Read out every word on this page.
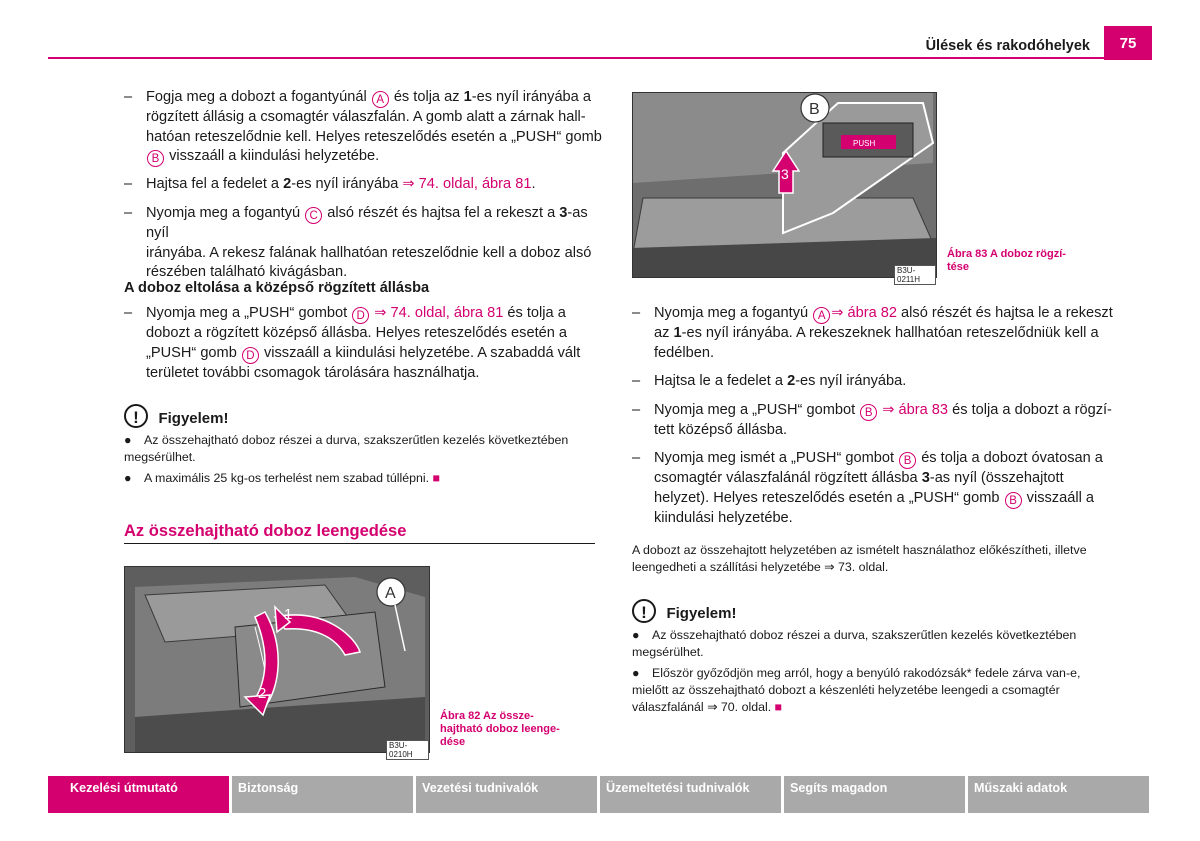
Ülések és rakodóhelyek	75
– Fogja meg a dobozt a fogantyúnál A és tolja az 1-es nyíl irányába a
rögzített állásig a csomagtér válaszfalán. A gomb alatt a zárnak hall-
hatóan reteszelődnie kell. Helyes reteszelődés esetén a „PUSH“ gomb
B visszaáll a kiindulási helyzetébe.
– Hajtsa fel a fedelet a 2-es nyíl irányába ⇒ 74. oldal, ábra 81.
– Nyomja meg a fogantyú C alsó részét és hajtsa fel a rekeszt a 3-as nyíl
irányába. A rekesz falának hallhatóan reteszelődnie kell a doboz alsó
részében található kivágásban.
A doboz eltolása a középső rögzített állásba
– Nyomja meg a „PUSH“ gombot D ⇒ 74. oldal, ábra 81 és tolja a
dobozt a rögzített középső állásba. Helyes reteszelődés esetén a
„PUSH“ gomb D visszaáll a kiindulási helyzetébe. A szabaddá vált
területet további csomagok tárolására használhatja.
! Figyelem!
● Az összehajtható doboz részei a durva, szakszerűtlen kezelés következtében
megsérülhet.
● A maximális 25 kg-os terhelést nem szabad túllépni. ■
Az összehajtható doboz leengedése
1
2
A
B3U-0210H
Ábra 82 Az össze-
hajtható doboz leenge-
dése
PUSH
3
B
B3U-0211H
Ábra 83 A doboz rögzí-
tése
– Nyomja meg a fogantyú A ⇒ ábra 82 alsó részét és hajtsa le a rekeszt
az 1-es nyíl irányába. A rekeszeknek hallhatóan reteszelődniük kell a
fedélben.
– Hajtsa le a fedelet a 2-es nyíl irányába.
– Nyomja meg a „PUSH“ gombot B ⇒ ábra 83 és tolja a dobozt a rögzí-
tett középső állásba.
– Nyomja meg ismét a „PUSH“ gombot B és tolja a dobozt óvatosan a
csomagtér válaszfalánál rögzített állásba 3-as nyíl (összehajtott
helyzet). Helyes reteszelődés esetén a „PUSH“ gomb B visszaáll a
kiindulási helyzetébe.
A dobozt az összehajtott helyzetében az ismételt használathoz előkészítheti, illetve
leengedheti a szállítási helyzetébe ⇒ 73. oldal.
! Figyelem!
● Az összehajtható doboz részei a durva, szakszerűtlen kezelés következtében
megsérülhet.
● Először győződjön meg arról, hogy a benyúló rakodózsák* fedele zárva van-e,
mielőtt az összehajtható dobozt a készenléti helyzetébe leengedi a csomagtér
válaszfalánál ⇒ 70. oldal. ■
Kezelési útmutató	Biztonság	Vezetési tudnivalók	Üzemeltetési tudnivalók	Segíts magadon	Műszaki adatok
